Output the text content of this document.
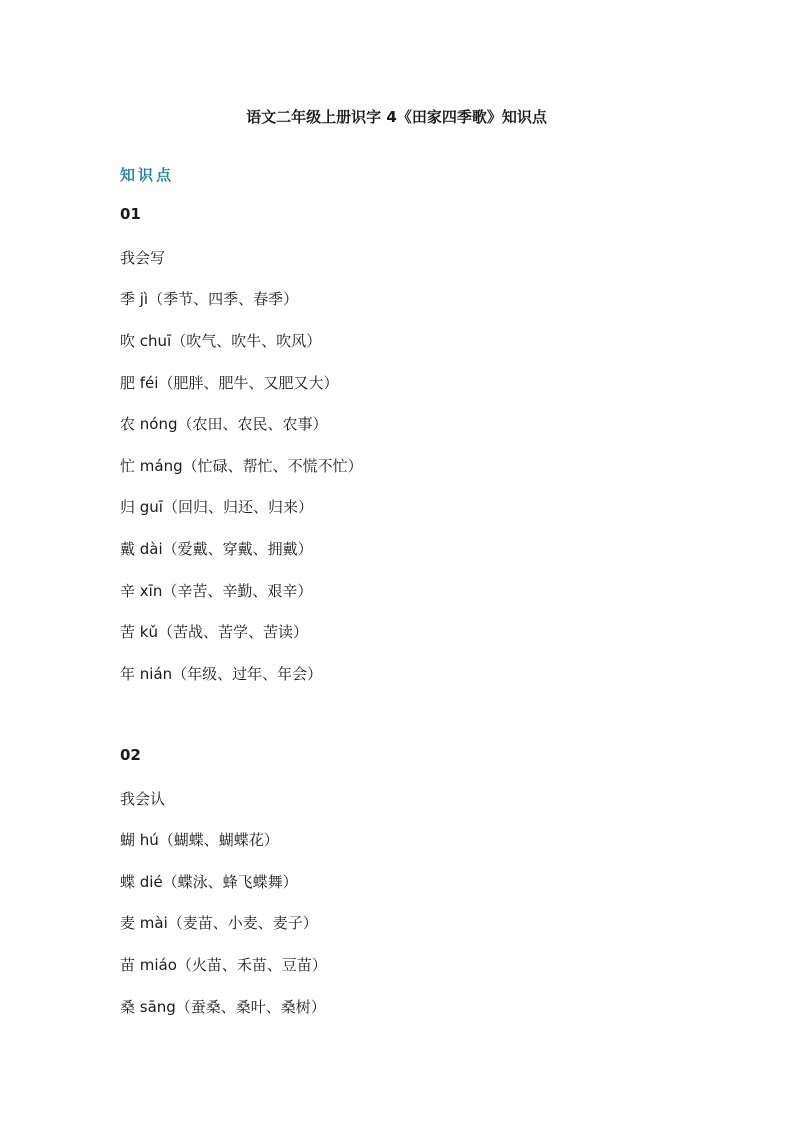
语文二年级上册识字 4《田家四季歌》知识点
知识点
01
我会写
季 jì（季节、四季、春季）
吹 chuī（吹气、吹牛、吹风）
肥 féi（肥胖、肥牛、又肥又大）
农 nóng（农田、农民、农事）
忙 máng（忙碌、帮忙、不慌不忙）
归 guī（回归、归还、归来）
戴 dài（爱戴、穿戴、拥戴）
辛 xīn（辛苦、辛勤、艰辛）
苦 kǔ（苦战、苦学、苦读）
年 nián（年级、过年、年会）
02
我会认
蝴 hú（蝴蝶、蝴蝶花）
蝶 dié（蝶泳、蜂飞蝶舞）
麦 mài（麦苗、小麦、麦子）
苗 miáo（火苗、禾苗、豆苗）
桑 sāng（蚕桑、桑叶、桑树）
